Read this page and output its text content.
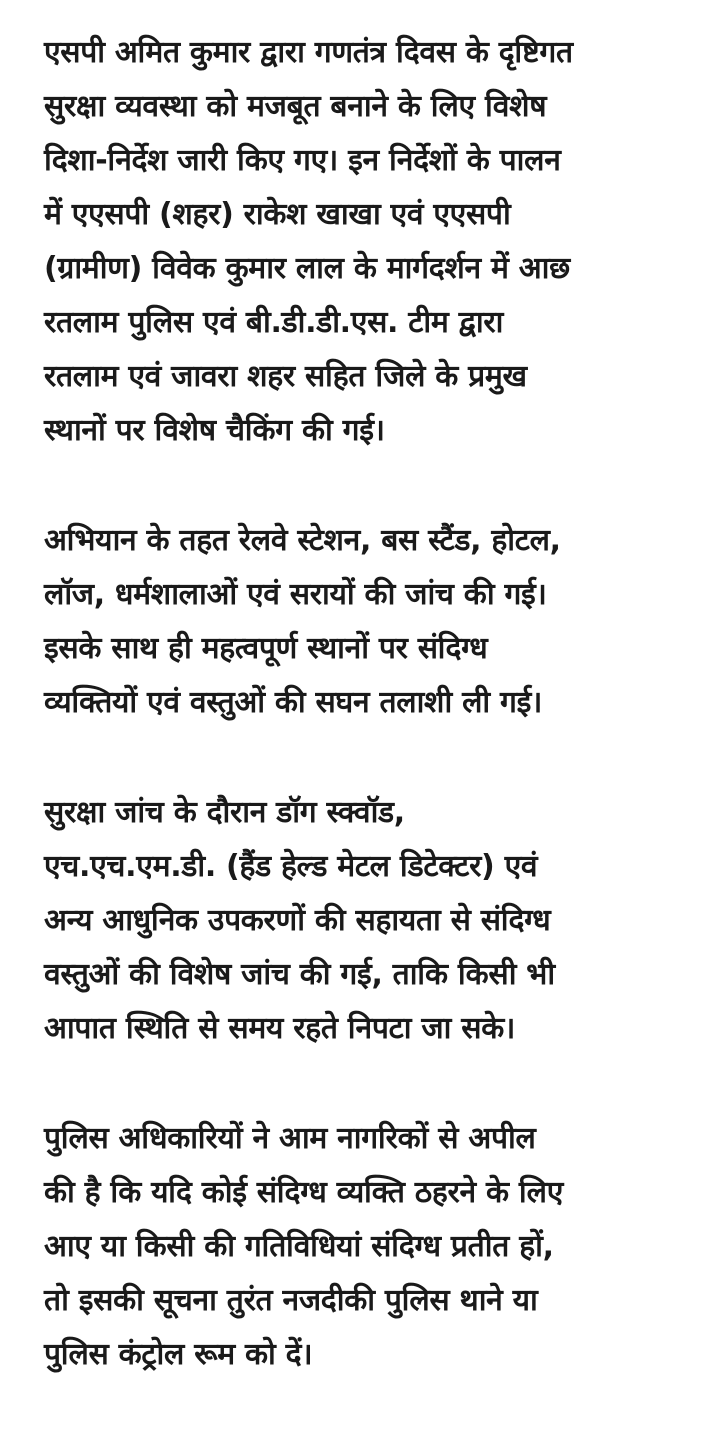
एसपी अमित कुमार द्वारा गणतंत्र दिवस के दृष्टिगत
सुरक्षा व्यवस्था को मजबूत बनाने के लिए विशेष
दिशा-निर्देश जारी किए गए। इन निर्देशों के पालन
में एएसपी (शहर) राकेश खाखा एवं एएसपी
(ग्रामीण) विवेक कुमार लाल के मार्गदर्शन में आछ
रतलाम पुलिस एवं बी.डी.डी.एस. टीम द्वारा
रतलाम एवं जावरा शहर सहित जिले के प्रमुख
स्थानों पर विशेष चैकिंग की गई।

अभियान के तहत रेलवे स्टेशन, बस स्टैंड, होटल,
लॉज, धर्मशालाओं एवं सरायों की जांच की गई।
इसके साथ ही महत्वपूर्ण स्थानों पर संदिग्ध
व्यक्तियों एवं वस्तुओं की सघन तलाशी ली गई।

सुरक्षा जांच के दौरान डॉग स्क्वॉड,
एच.एच.एम.डी. (हैंड हेल्ड मेटल डिटेक्टर) एवं
अन्य आधुनिक उपकरणों की सहायता से संदिग्ध
वस्तुओं की विशेष जांच की गई, ताकि किसी भी
आपात स्थिति से समय रहते निपटा जा सके।

पुलिस अधिकारियों ने आम नागरिकों से अपील
की है कि यदि कोई संदिग्ध व्यक्ति ठहरने के लिए
आए या किसी की गतिविधियां संदिग्ध प्रतीत हों,
तो इसकी सूचना तुरंत नजदीकी पुलिस थाने या
पुलिस कंट्रोल रूम को दें।
